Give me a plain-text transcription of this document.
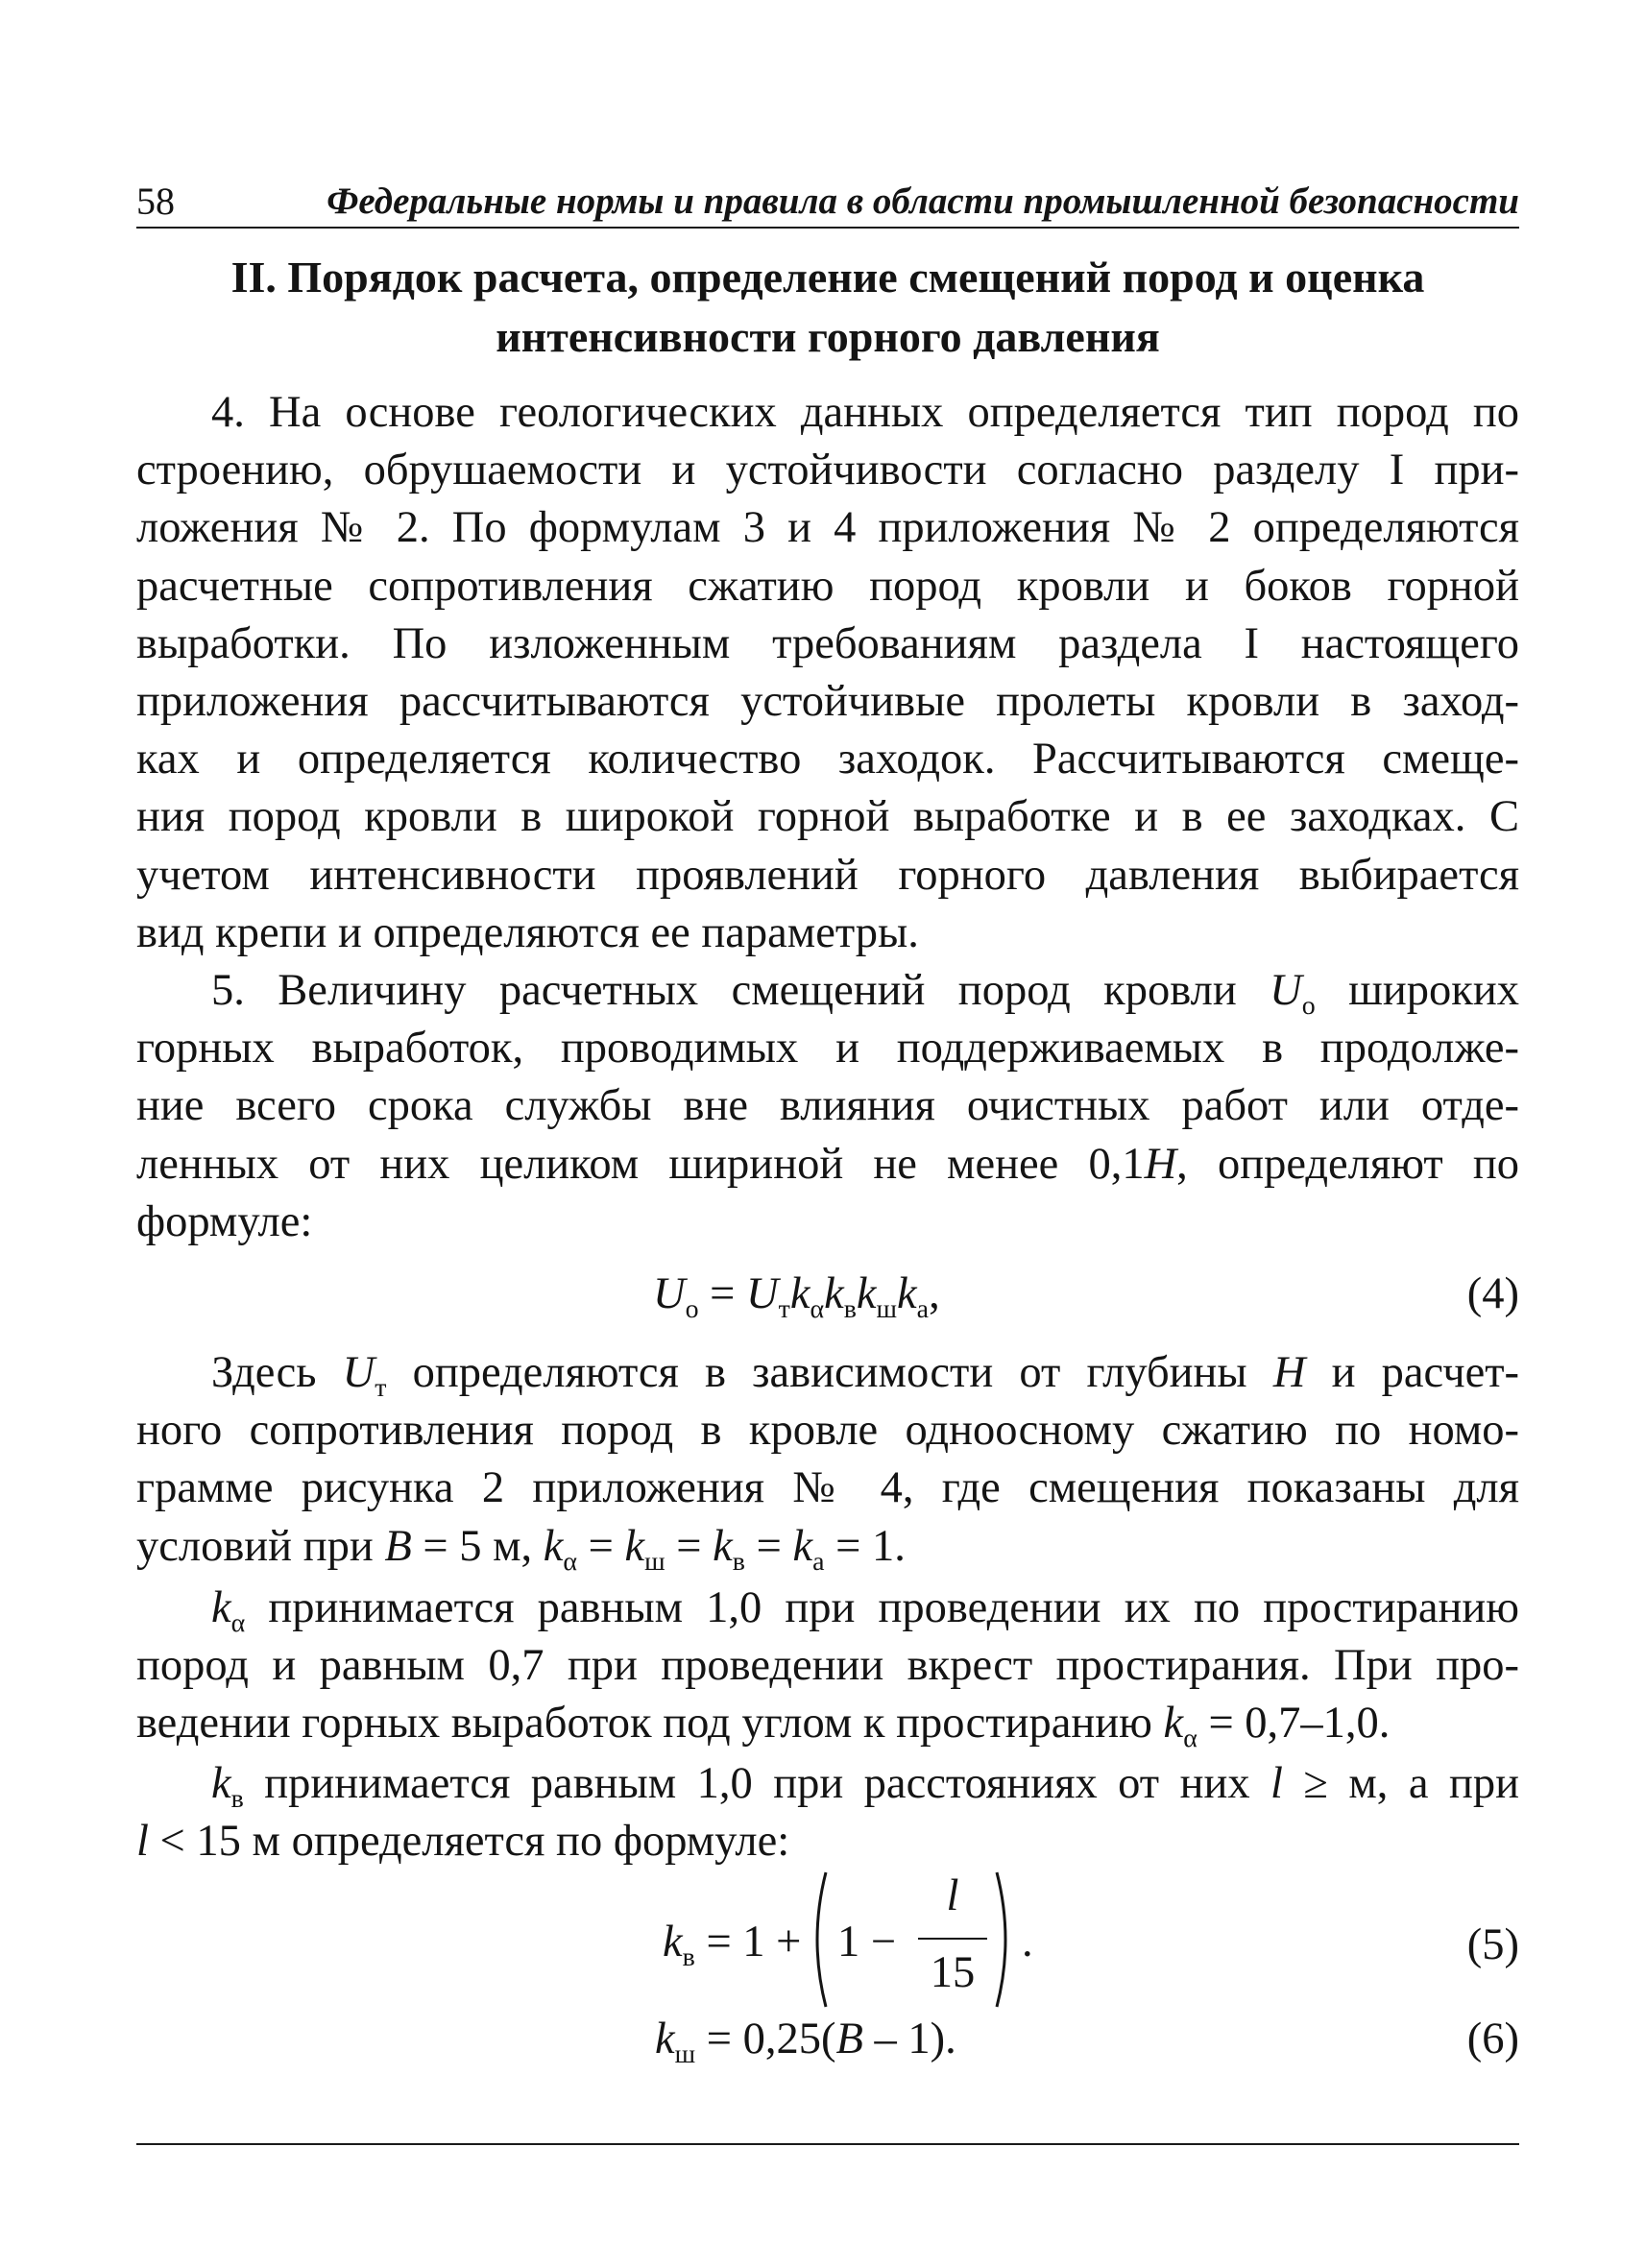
58	Федеральные нормы и правила в области промышленной безопасности
II. Порядок расчета, определение смещений пород и оценка
интенсивности горного давления
4. На основе геологических данных определяется тип пород по
строению, обрушаемости и устойчивости согласно разделу I при-
ложения № 2. По формулам 3 и 4 приложения № 2 определяются
расчетные сопротивления сжатию пород кровли и боков горной
выработки. По изложенным требованиям раздела I настоящего
приложения рассчитываются устойчивые пролеты кровли в заход-
ках и определяется количество заходок. Рассчитываются смеще-
ния пород кровли в широкой горной выработке и в ее заходках. С
учетом интенсивности проявлений горного давления выбирается
вид крепи и определяются ее параметры.
5. Величину расчетных смещений пород кровли $U_о$ широких
горных выработок, проводимых и поддерживаемых в продолже-
ние всего срока службы вне влияния очистных работ или отде-
ленных от них целиком шириной не менее 0,1H, определяют по
формуле:
$U_о = U_тk_\alpha k_вk_шk_а$,	(4)
Здесь $U_т$ определяются в зависимости от глубины H и расчет-
ного сопротивления пород в кровле одноосному сжатию по номо-
грамме рисунка 2 приложения № 4, где смещения показаны для
условий при B = 5 м, $k_\alpha = k_ш = k_в = k_а = 1$.
$k_\alpha$ принимается равным 1,0 при проведении их по простиранию
пород и равным 0,7 при проведении вкрест простирания. При про-
ведении горных выработок под углом к простиранию $k_\alpha = 0,7-1,0$.
$k_в$ принимается равным 1,0 при расстояниях от них l ≥ м, а при
l < 15 м определяется по формуле:
$k_в = 1 + 1$ −
l
15
.	(5)
$k_ш = 0,25(B - 1)$.	(6)
